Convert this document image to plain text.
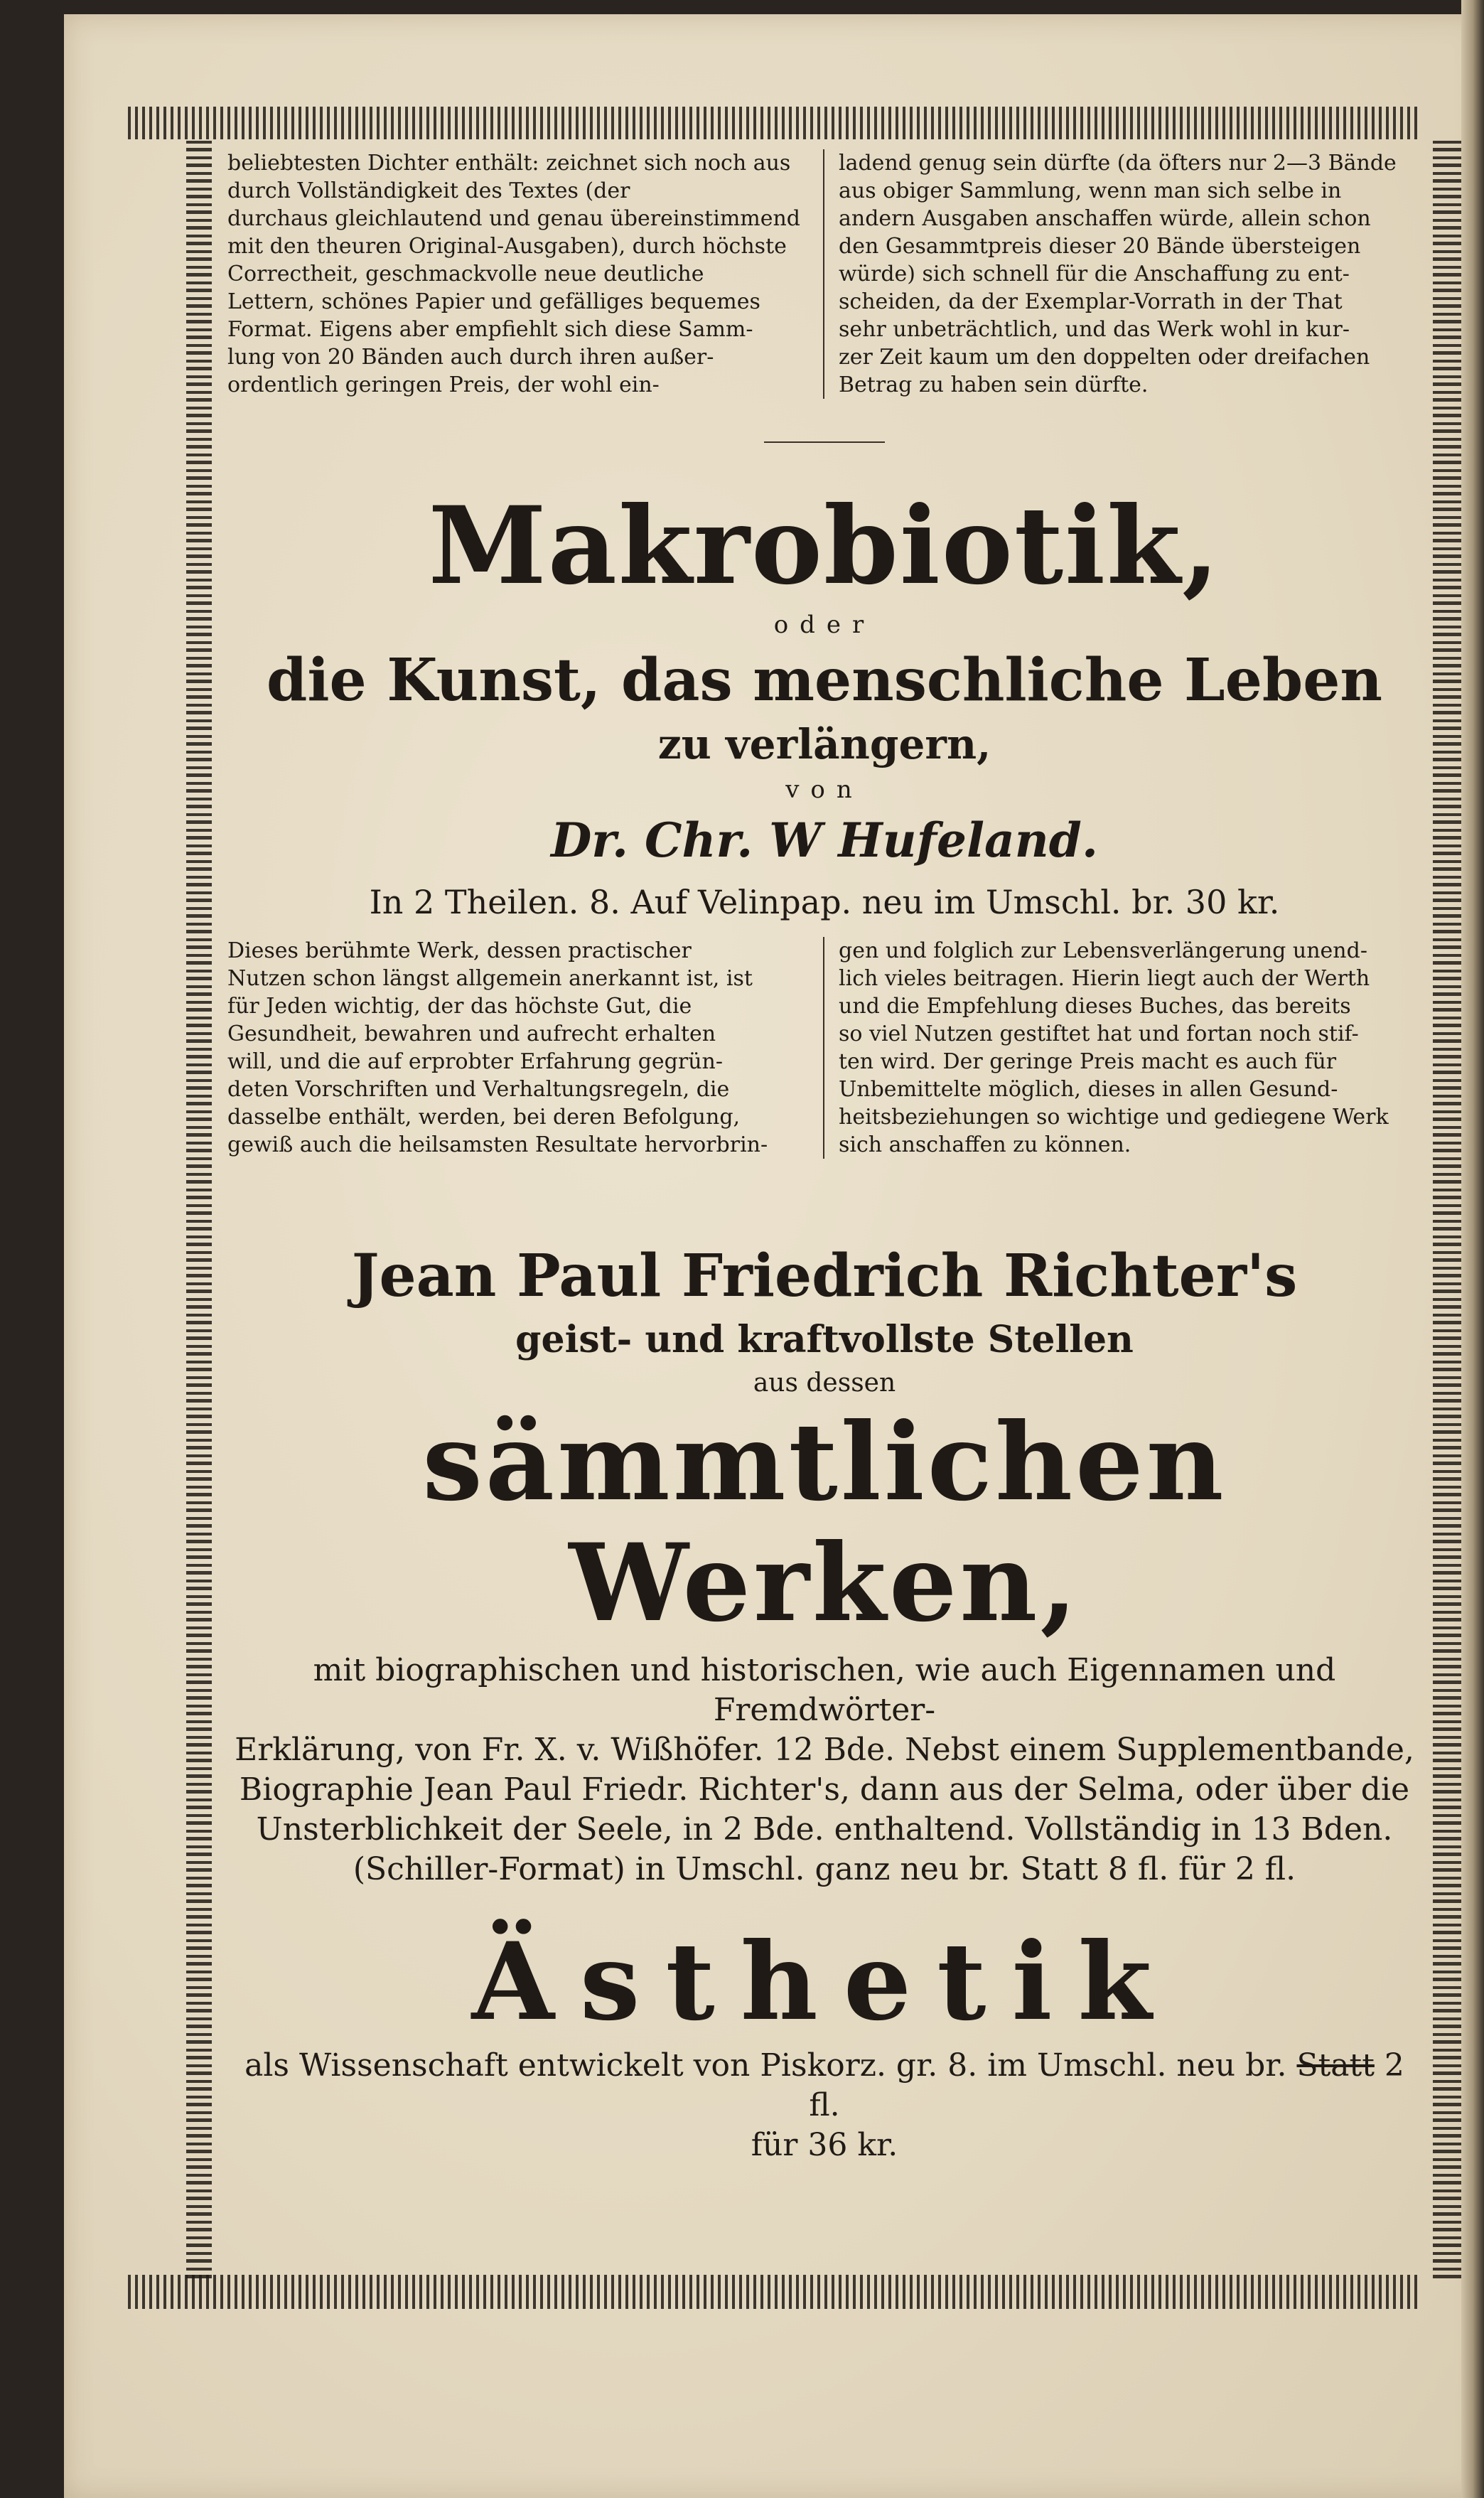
beliebtesten Dichter enthält: zeichnet sich noch aus
durch Vollständigkeit des Textes (der
durchaus gleichlautend und genau übereinstimmend
mit den theuren Original-Ausgaben), durch höchste
Correctheit, geschmackvolle neue deutliche
Lettern, schönes Papier und gefälliges bequemes
Format. Eigens aber empfiehlt sich diese Samm-
lung von 20 Bänden auch durch ihren außer-
ordentlich geringen Preis, der wohl ein-
ladend genug sein dürfte (da öfters nur 2—3 Bände
aus obiger Sammlung, wenn man sich selbe in
andern Ausgaben anschaffen würde, allein schon
den Gesammtpreis dieser 20 Bände übersteigen
würde) sich schnell für die Anschaffung zu ent-
scheiden, da der Exemplar-Vorrath in der That
sehr unbeträchtlich, und das Werk wohl in kur-
zer Zeit kaum um den doppelten oder dreifachen
Betrag zu haben sein dürfte.
Makrobiotik,
oder
die Kunst, das menschliche Leben
zu verlängern,
von
Dr. Chr. W Hufeland.
In 2 Theilen. 8. Auf Velinpap. neu im Umschl. br. 30 kr.
Dieses berühmte Werk, dessen practischer
Nutzen schon längst allgemein anerkannt ist, ist
für Jeden wichtig, der das höchste Gut, die
Gesundheit, bewahren und aufrecht erhalten
will, und die auf erprobter Erfahrung gegrün-
deten Vorschriften und Verhaltungsregeln, die
dasselbe enthält, werden, bei deren Befolgung,
gewiß auch die heilsamsten Resultate hervorbrin-
gen und folglich zur Lebensverlängerung unend-
lich vieles beitragen. Hierin liegt auch der Werth
und die Empfehlung dieses Buches, das bereits
so viel Nutzen gestiftet hat und fortan noch stif-
ten wird. Der geringe Preis macht es auch für
Unbemittelte möglich, dieses in allen Gesund-
heitsbeziehungen so wichtige und gediegene Werk
sich anschaffen zu können.
Jean Paul Friedrich Richter's
geist- und kraftvollste Stellen
aus dessen
sämmtlichen Werken,
mit biographischen und historischen, wie auch Eigennamen und Fremdwörter-
Erklärung, von Fr. X. v. Wißhöfer. 12 Bde. Nebst einem Supplementbande,
Biographie Jean Paul Friedr. Richter's, dann aus der Selma, oder über die
Unsterblichkeit der Seele, in 2 Bde. enthaltend. Vollständig in 13 Bden.
(Schiller-Format) in Umschl. ganz neu br. Statt 8 fl. für 2 fl.
Ästhetik
als Wissenschaft entwickelt von Piskorz. gr. 8. im Umschl. neu br. Statt 2 fl.
für 36 kr.
